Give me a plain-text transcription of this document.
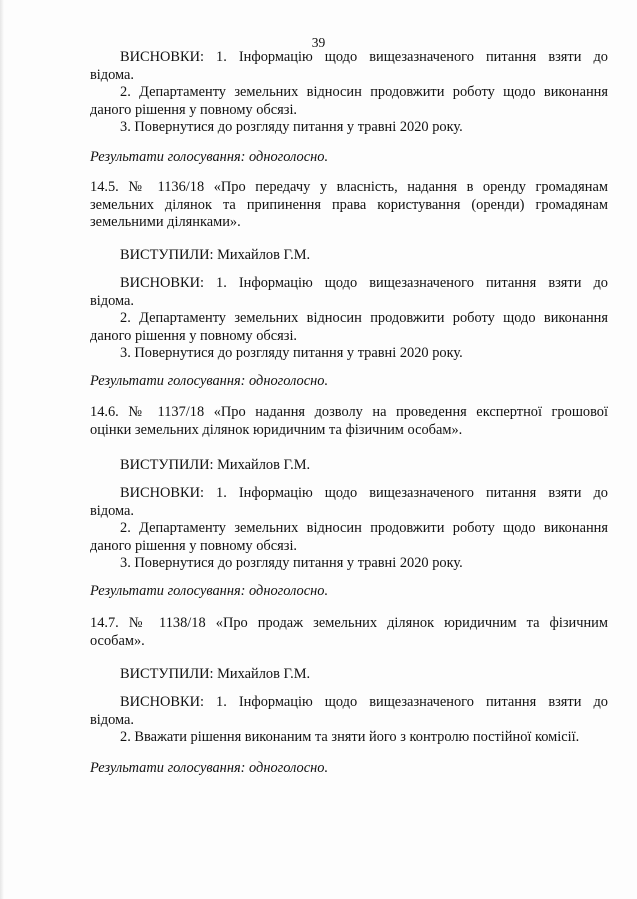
39

ВИСНОВКИ: 1. Інформацію щодо вищезазначеного питання взяти до

відома.

2. Департаменту земельних відносин продовжити роботу щодо виконання

даного рішення у повному обсязі.

3. Повернутися до розгляду питання у травні 2020 року.

Результати голосування: одноголосно.

14.5. № 1136/18 «Про передачу у власність, надання в оренду громадянам

земельних ділянок та припинення права користування (оренди) громадянам

земельними ділянками».

ВИСТУПИЛИ: Михайлов Г.М.

ВИСНОВКИ: 1. Інформацію щодо вищезазначеного питання взяти до

відома.

2. Департаменту земельних відносин продовжити роботу щодо виконання

даного рішення у повному обсязі.

3. Повернутися до розгляду питання у травні 2020 року.

Результати голосування: одноголосно.

14.6. № 1137/18 «Про надання дозволу на проведення експертної грошової

оцінки земельних ділянок юридичним та фізичним особам».

ВИСТУПИЛИ: Михайлов Г.М.

ВИСНОВКИ: 1. Інформацію щодо вищезазначеного питання взяти до

відома.

2. Департаменту земельних відносин продовжити роботу щодо виконання

даного рішення у повному обсязі.

3. Повернутися до розгляду питання у травні 2020 року.

Результати голосування: одноголосно.

14.7. № 1138/18 «Про продаж земельних ділянок юридичним та фізичним

особам».

ВИСТУПИЛИ: Михайлов Г.М.

ВИСНОВКИ: 1. Інформацію щодо вищезазначеного питання взяти до

відома.

2. Вважати рішення виконаним та зняти його з контролю постійної комісії.

Результати голосування: одноголосно.
